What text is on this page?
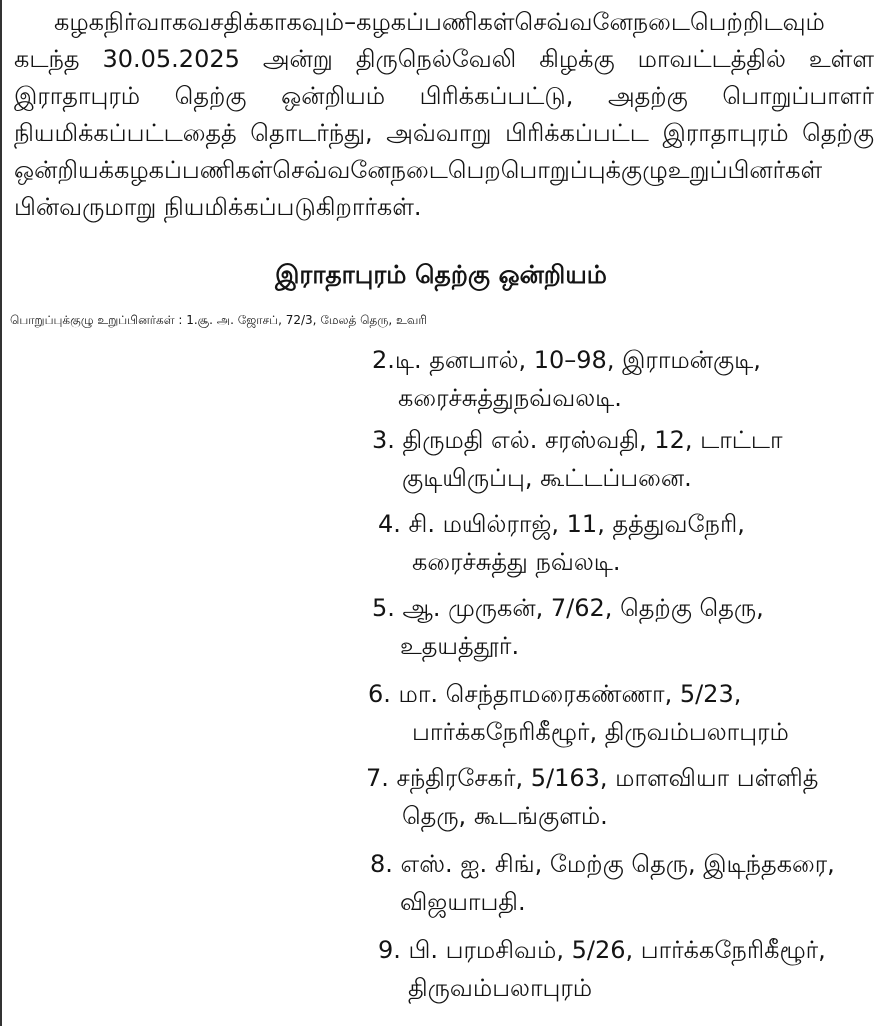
கழகநிர்வாகவசதிக்காகவும்–கழகப்பணிகள்செவ்வனேநடைபெற்றிடவும்
கடந்த 30.05.2025 அன்று திருநெல்வேலி கிழக்கு மாவட்டத்தில் உள்ள
இராதாபுரம் தெற்கு ஒன்றியம் பிரிக்கப்பட்டு, அதற்கு பொறுப்பாளர்
நியமிக்கப்பட்டதைத் தொடர்ந்து, அவ்வாறு பிரிக்கப்பட்ட இராதாபுரம் தெற்கு
ஒன்றியக்கழகப்பணிகள்செவ்வனேநடைபெறபொறுப்புக்குழுஉறுப்பினர்கள்
பின்வருமாறு நியமிக்கப்படுகிறார்கள்.
இராதாபுரம் தெற்கு ஒன்றியம்
பொறுப்புக்குழு உறுப்பினர்கள் : 1.சூ. அ. ஜோசப், 72/3, மேலத் தெரு, உவரி
2.டி. தனபால், 10–98, இராமன்குடி,
கரைச்சுத்துநவ்வலடி.
3. திருமதி எல். சரஸ்வதி, 12, டாட்டா
குடியிருப்பு, கூட்டப்பனை.
4. சி. மயில்ராஜ், 11, தத்துவநேரி,
கரைச்சுத்து நவ்லடி.
5. ஆ. முருகன், 7/62, தெற்கு தெரு,
உதயத்தூர்.
6. மா. செந்தாமரைகண்ணா, 5/23,
பார்க்கநேரிகீழூர், திருவம்பலாபுரம்
7. சந்திரசேகர், 5/163, மாளவியா பள்ளித்
தெரு, கூடங்குளம்.
8. எஸ். ஐ. சிங், மேற்கு தெரு, இடிந்தகரை,
விஜயாபதி.
9. பி. பரமசிவம், 5/26, பார்க்கநேரிகீழூர்,
திருவம்பலாபுரம்
